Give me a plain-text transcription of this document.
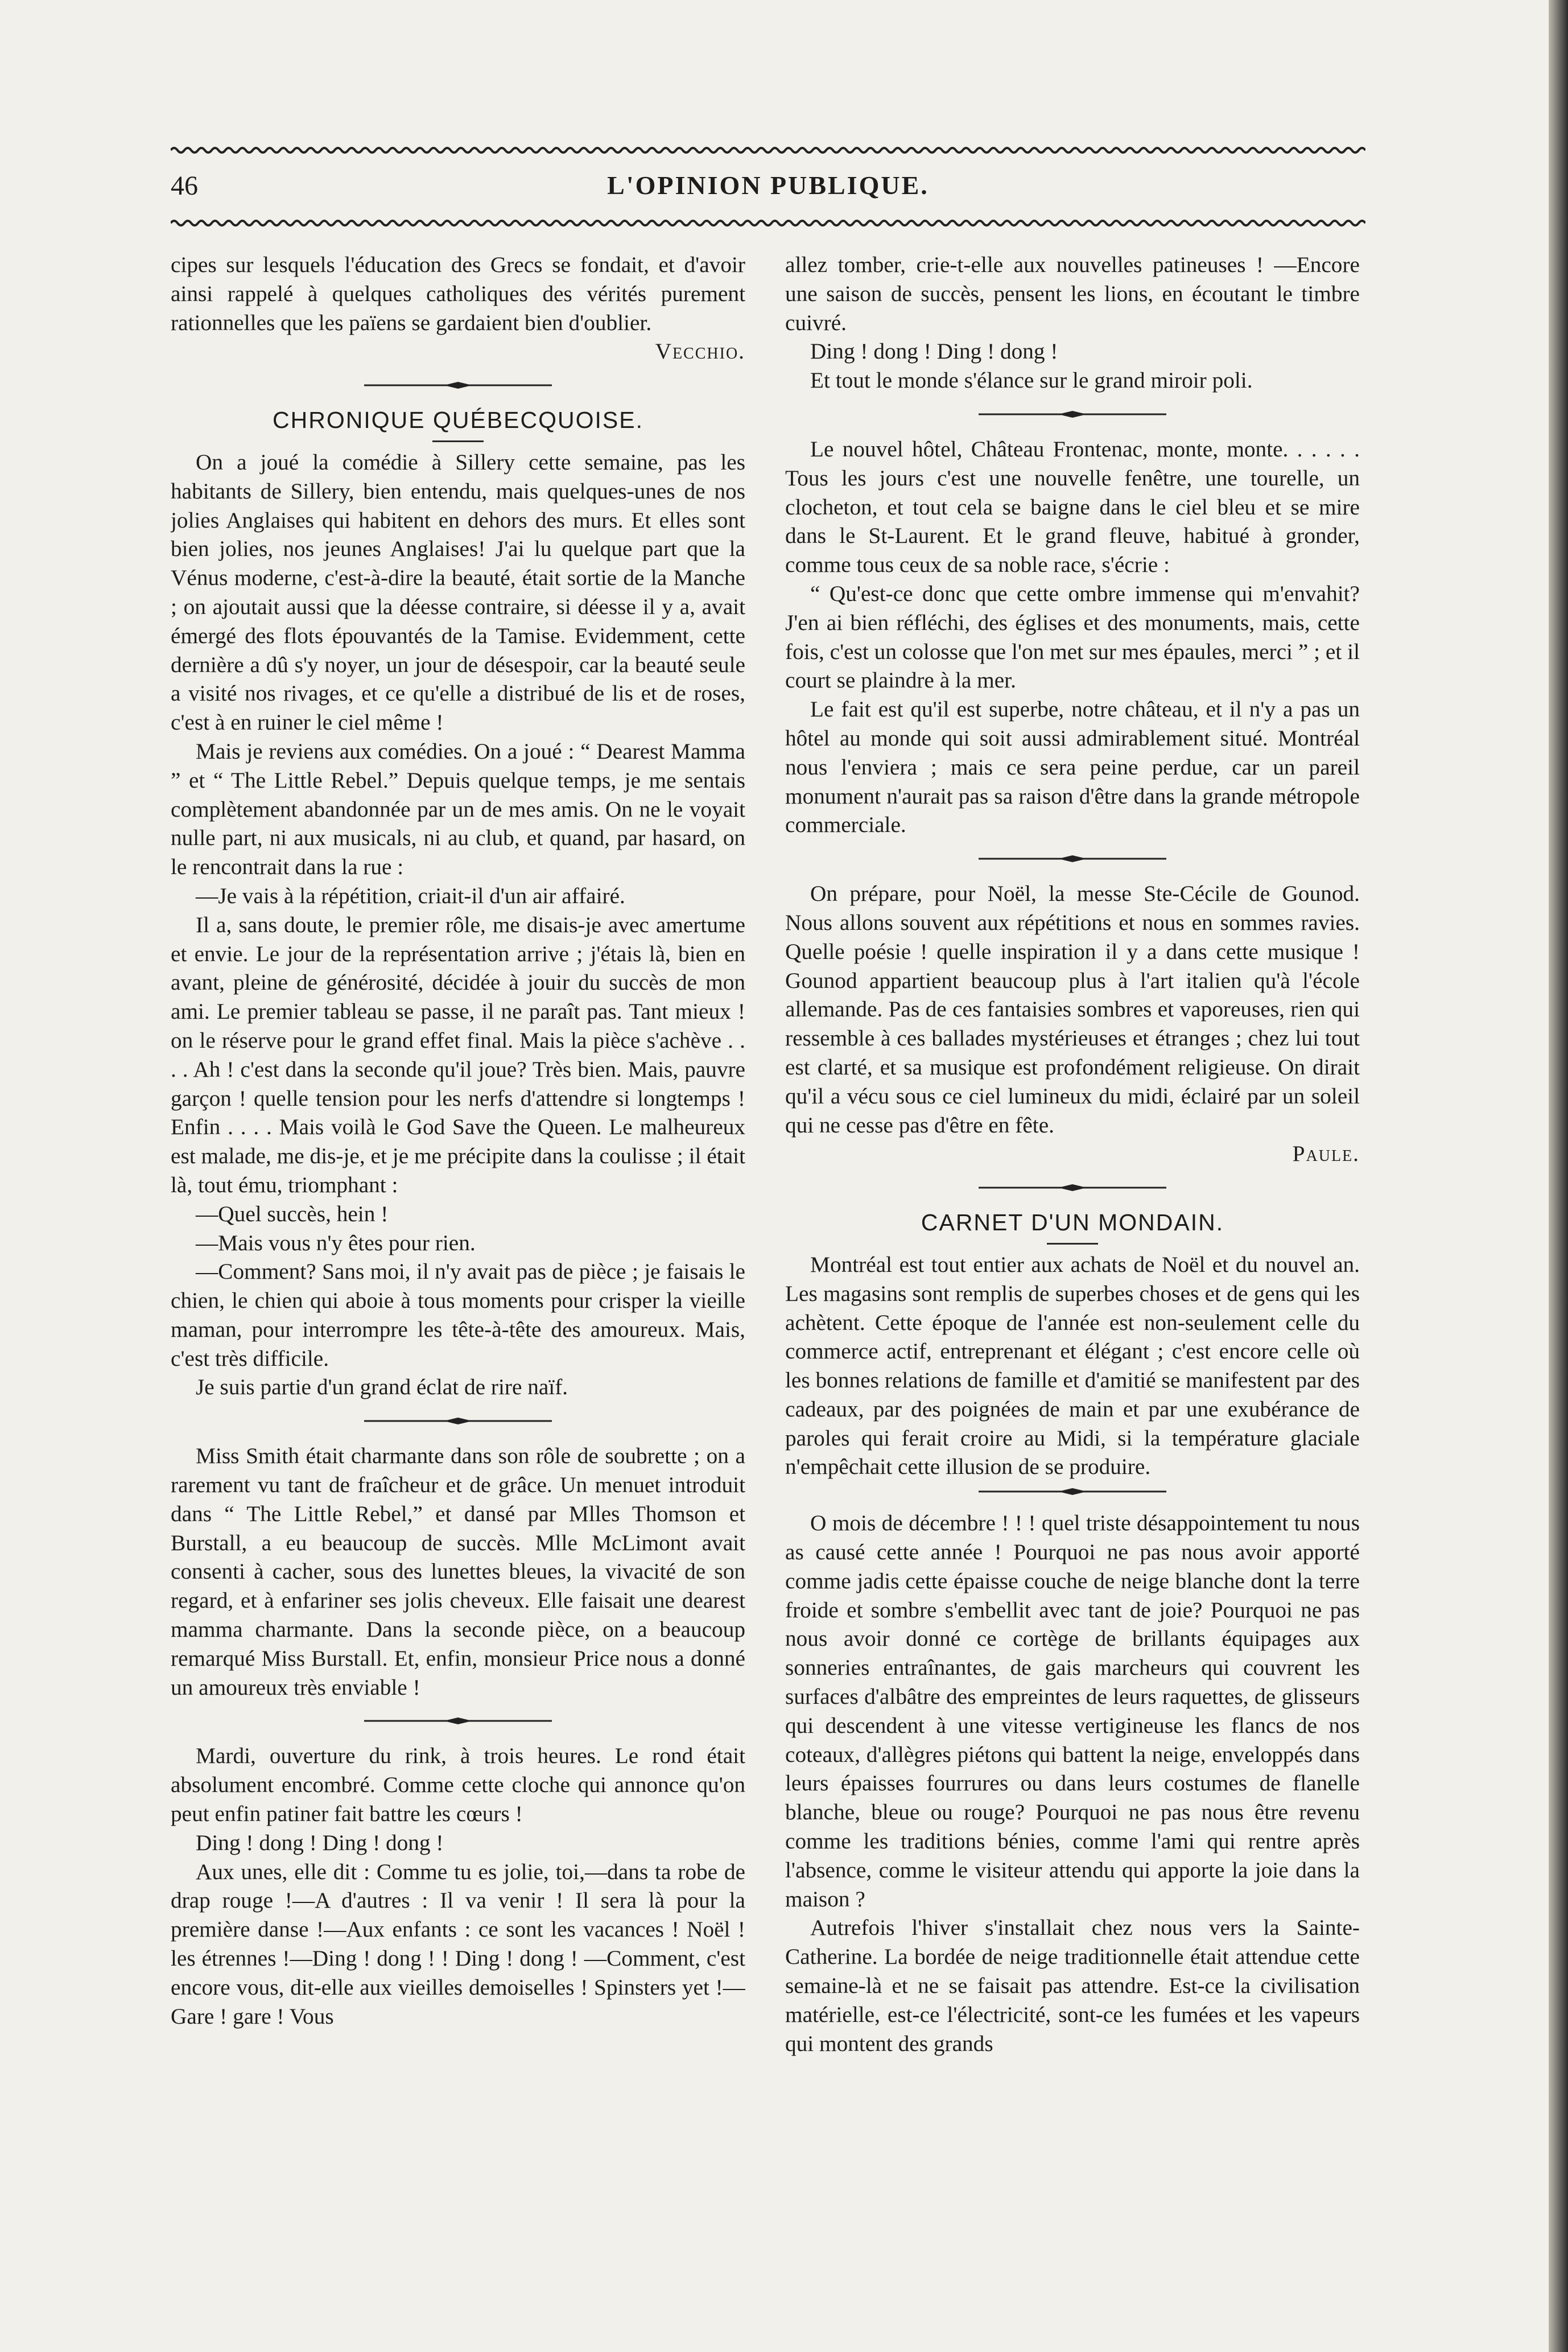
46	L'OPINION PUBLIQUE.

cipes sur lesquels l'éducation des Grecs se fondait, et d'avoir ainsi rappelé à quelques catholiques des vérités purement rationnelles que les païens se gardaient bien d'oublier.

Vecchio.

CHRONIQUE QUÉBECQUOISE.

On a joué la comédie à Sillery cette semaine, pas les habitants de Sillery, bien entendu, mais quelques-unes de nos jolies Anglaises qui habitent en dehors des murs. Et elles sont bien jolies, nos jeunes Anglaises! J'ai lu quelque part que la Vénus moderne, c'est-à-dire la beauté, était sortie de la Manche ; on ajoutait aussi que la déesse contraire, si déesse il y a, avait émergé des flots épouvantés de la Tamise. Evidemment, cette dernière a dû s'y noyer, un jour de désespoir, car la beauté seule a visité nos rivages, et ce qu'elle a distribué de lis et de roses, c'est à en ruiner le ciel même !

Mais je reviens aux comédies. On a joué : “ Dearest Mamma ” et “ The Little Rebel.” Depuis quelque temps, je me sentais complètement abandonnée par un de mes amis. On ne le voyait nulle part, ni aux musicals, ni au club, et quand, par hasard, on le rencontrait dans la rue :

—Je vais à la répétition, criait-il d'un air affairé.

Il a, sans doute, le premier rôle, me disais-je avec amertume et envie. Le jour de la représentation arrive ; j'étais là, bien en avant, pleine de générosité, décidée à jouir du succès de mon ami. Le premier tableau se passe, il ne paraît pas. Tant mieux ! on le réserve pour le grand effet final. Mais la pièce s'achève . . . . Ah ! c'est dans la seconde qu'il joue? Très bien. Mais, pauvre garçon ! quelle tension pour les nerfs d'attendre si longtemps ! Enfin . . . . Mais voilà le God Save the Queen. Le malheureux est malade, me dis-je, et je me précipite dans la coulisse ; il était là, tout ému, triomphant :

—Quel succès, hein !

—Mais vous n'y êtes pour rien.

—Comment? Sans moi, il n'y avait pas de pièce ; je faisais le chien, le chien qui aboie à tous moments pour crisper la vieille maman, pour interrompre les tête-à-tête des amoureux. Mais, c'est très difficile.

Je suis partie d'un grand éclat de rire naïf.

Miss Smith était charmante dans son rôle de soubrette ; on a rarement vu tant de fraîcheur et de grâce. Un menuet introduit dans “ The Little Rebel,” et dansé par Mlles Thomson et Burstall, a eu beaucoup de succès. Mlle McLimont avait consenti à cacher, sous des lunettes bleues, la vivacité de son regard, et à enfariner ses jolis cheveux. Elle faisait une dearest mamma charmante. Dans la seconde pièce, on a beaucoup remarqué Miss Burstall. Et, enfin, monsieur Price nous a donné un amoureux très enviable !

Mardi, ouverture du rink, à trois heures. Le rond était absolument encombré. Comme cette cloche qui annonce qu'on peut enfin patiner fait battre les cœurs !

Ding ! dong ! Ding ! dong !

Aux unes, elle dit : Comme tu es jolie, toi,—dans ta robe de drap rouge !—A d'autres : Il va venir ! Il sera là pour la première danse !—Aux enfants : ce sont les vacances ! Noël ! les étrennes !—Ding ! dong ! ! Ding ! dong ! —Comment, c'est encore vous, dit-elle aux vieilles demoiselles ! Spinsters yet !—Gare ! gare ! Vous

allez tomber, crie-t-elle aux nouvelles patineuses ! —Encore une saison de succès, pensent les lions, en écoutant le timbre cuivré.

Ding ! dong ! Ding ! dong !

Et tout le monde s'élance sur le grand miroir poli.

Le nouvel hôtel, Château Frontenac, monte, monte. . . . . . Tous les jours c'est une nouvelle fenêtre, une tourelle, un clocheton, et tout cela se baigne dans le ciel bleu et se mire dans le St-Laurent. Et le grand fleuve, habitué à gronder, comme tous ceux de sa noble race, s'écrie :

“ Qu'est-ce donc que cette ombre immense qui m'envahit? J'en ai bien réfléchi, des églises et des monuments, mais, cette fois, c'est un colosse que l'on met sur mes épaules, merci ” ; et il court se plaindre à la mer.

Le fait est qu'il est superbe, notre château, et il n'y a pas un hôtel au monde qui soit aussi admirablement situé. Montréal nous l'enviera ; mais ce sera peine perdue, car un pareil monument n'aurait pas sa raison d'être dans la grande métropole commerciale.

On prépare, pour Noël, la messe Ste-Cécile de Gounod. Nous allons souvent aux répétitions et nous en sommes ravies. Quelle poésie ! quelle inspiration il y a dans cette musique ! Gounod appartient beaucoup plus à l'art italien qu'à l'école allemande. Pas de ces fantaisies sombres et vaporeuses, rien qui ressemble à ces ballades mystérieuses et étranges ; chez lui tout est clarté, et sa musique est profondément religieuse. On dirait qu'il a vécu sous ce ciel lumineux du midi, éclairé par un soleil qui ne cesse pas d'être en fête.

Paule.

CARNET D'UN MONDAIN.

Montréal est tout entier aux achats de Noël et du nouvel an. Les magasins sont remplis de superbes choses et de gens qui les achètent. Cette époque de l'année est non-seulement celle du commerce actif, entreprenant et élégant ; c'est encore celle où les bonnes relations de famille et d'amitié se manifestent par des cadeaux, par des poignées de main et par une exubérance de paroles qui ferait croire au Midi, si la température glaciale n'empêchait cette illusion de se produire.

O mois de décembre ! ! ! quel triste désappointement tu nous as causé cette année ! Pourquoi ne pas nous avoir apporté comme jadis cette épaisse couche de neige blanche dont la terre froide et sombre s'embellit avec tant de joie? Pourquoi ne pas nous avoir donné ce cortège de brillants équipages aux sonneries entraînantes, de gais marcheurs qui couvrent les surfaces d'albâtre des empreintes de leurs raquettes, de glisseurs qui descendent à une vitesse vertigineuse les flancs de nos coteaux, d'allègres piétons qui battent la neige, enveloppés dans leurs épaisses fourrures ou dans leurs costumes de flanelle blanche, bleue ou rouge? Pourquoi ne pas nous être revenu comme les traditions bénies, comme l'ami qui rentre après l'absence, comme le visiteur attendu qui apporte la joie dans la maison ?

Autrefois l'hiver s'installait chez nous vers la Sainte-Catherine. La bordée de neige traditionnelle était attendue cette semaine-là et ne se faisait pas attendre. Est-ce la civilisation matérielle, est-ce l'électricité, sont-ce les fumées et les vapeurs qui montent des grands
